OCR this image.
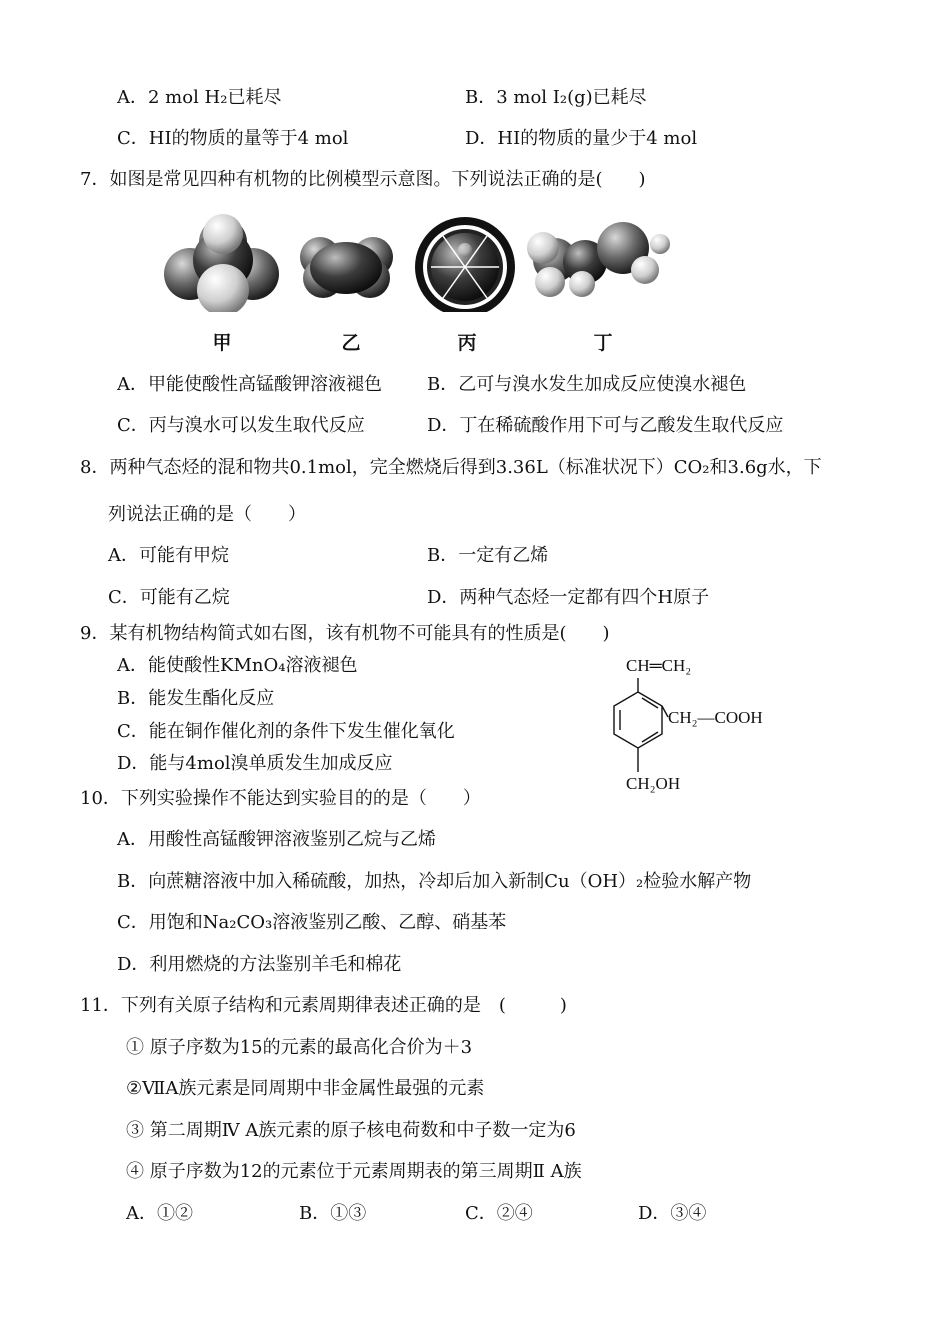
A．2 mol H₂已耗尽	B．3 mol I₂(g)已耗尽
C．HI的物质的量等于4 mol	D．HI的物质的量少于4 mol
7．如图是常见四种有机物的比例模型示意图。下列说法正确的是(　　)
甲	乙	丙	丁
A．甲能使酸性高锰酸钾溶液褪色	B．乙可与溴水发生加成反应使溴水褪色
C．丙与溴水可以发生取代反应	D．丁在稀硫酸作用下可与乙酸发生取代反应
8．两种气态烃的混和物共0.1mol，完全燃烧后得到3.36L（标准状况下）CO₂和3.6g水，下
列说法正确的是（　　）
A．可能有甲烷	B．一定有乙烯
C．可能有乙烷	D．两种气态烃一定都有四个H原子
9．某有机物结构简式如右图，该有机物不可能具有的性质是(　　)
A．能使酸性KMnO₄溶液褪色
B．能发生酯化反应
C．能在铜作催化剂的条件下发生催化氧化
D．能与4mol溴单质发生加成反应
CH═CH₂
CH₂—COOH
CH₂OH
10．下列实验操作不能达到实验目的的是（　　）
A．用酸性高锰酸钾溶液鉴别乙烷与乙烯
B．向蔗糖溶液中加入稀硫酸，加热，冷却后加入新制Cu（OH）₂检验水解产物
C．用饱和Na₂CO₃溶液鉴别乙酸、乙醇、硝基苯
D．利用燃烧的方法鉴别羊毛和棉花
11．下列有关原子结构和元素周期律表述正确的是　(　　　)
① 原子序数为15的元素的最高化合价为＋3
②ⅦA族元素是同周期中非金属性最强的元素
③ 第二周期Ⅳ A族元素的原子核电荷数和中子数一定为6
④ 原子序数为12的元素位于元素周期表的第三周期Ⅱ A族
A．①②	B．①③	C．②④	D．③④
